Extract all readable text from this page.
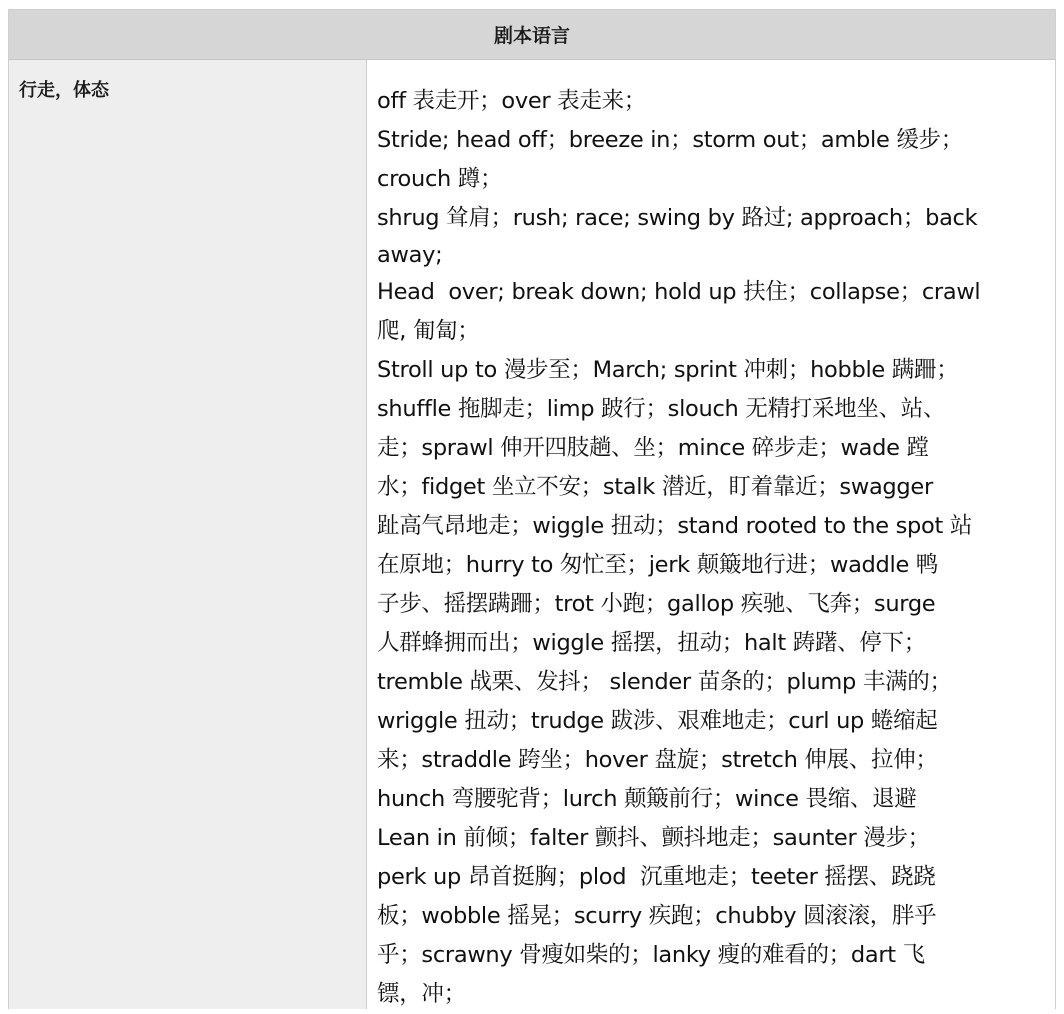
剧本语言
行走，体态	off 表走开；over 表走来；
Stride; head off；breeze in；storm out；amble 缓步；
crouch 蹲；
shrug 耸肩；rush; race; swing by 路过; approach；back
away;
Head  over; break down; hold up 扶住；collapse；crawl
爬, 匍匐；
Stroll up to 漫步至；March; sprint 冲刺；hobble 蹒跚；
shuffle 拖脚走；limp 跛行；slouch 无精打采地坐、站、
走；sprawl 伸开四肢趟、坐；mince 碎步走；wade 蹚
水；fidget 坐立不安；stalk 潜近，盯着靠近；swagger
趾高气昂地走；wiggle 扭动；stand rooted to the spot 站
在原地；hurry to 匆忙至；jerk 颠簸地行进；waddle 鸭
子步、摇摆蹒跚；trot 小跑；gallop 疾驰、飞奔；surge
人群蜂拥而出；wiggle 摇摆，扭动；halt 踌躇、停下；
tremble 战栗、发抖； slender 苗条的；plump 丰满的；
wriggle 扭动；trudge 跋涉、艰难地走；curl up 蜷缩起
来；straddle 跨坐；hover 盘旋；stretch 伸展、拉伸；
hunch 弯腰驼背；lurch 颠簸前行；wince 畏缩、退避
Lean in 前倾；falter 颤抖、颤抖地走；saunter 漫步；
perk up 昂首挺胸；plod  沉重地走；teeter 摇摆、跷跷
板；wobble 摇晃；scurry 疾跑；chubby 圆滚滚，胖乎
乎；scrawny 骨瘦如柴的；lanky 瘦的难看的；dart 飞
镖，冲；
